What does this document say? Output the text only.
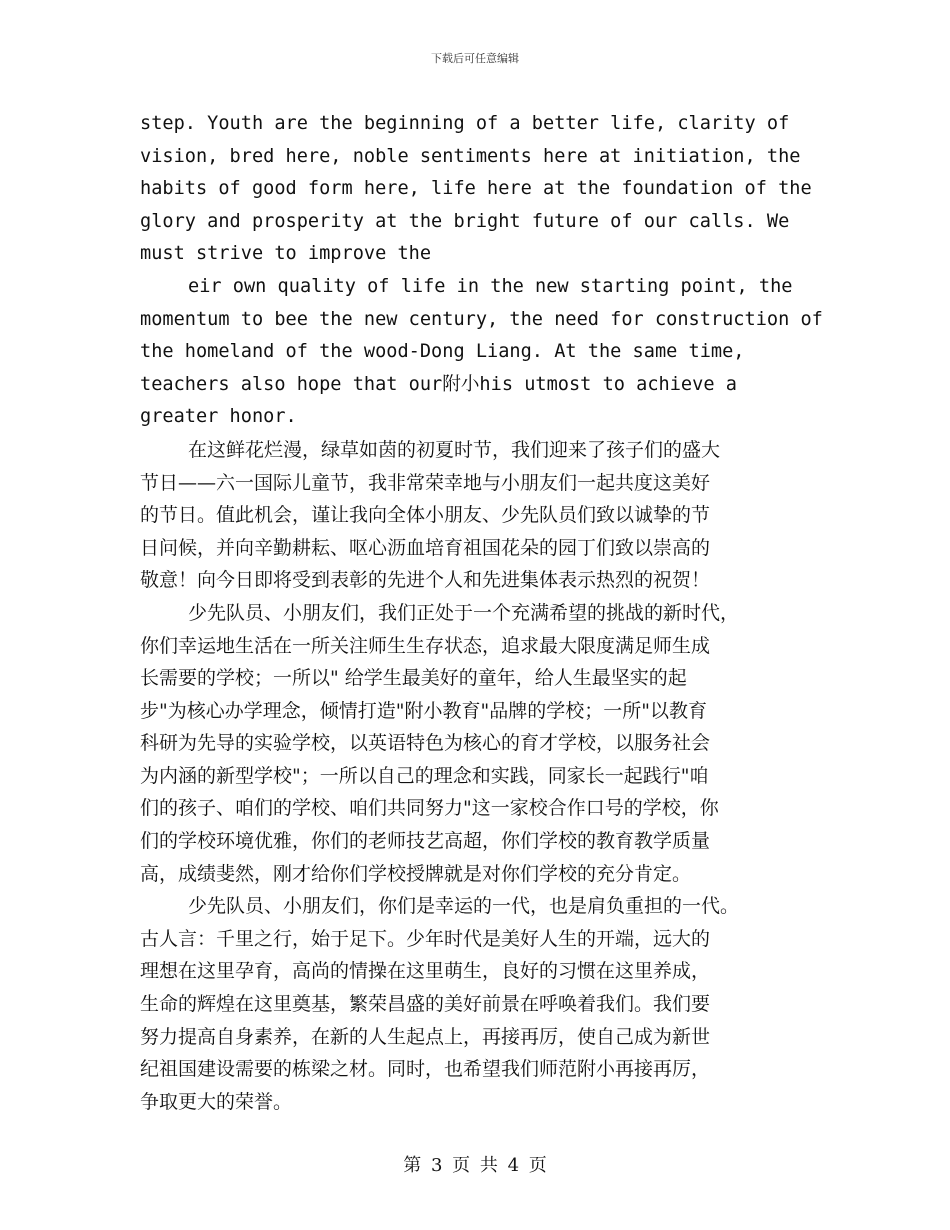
下载后可任意编辑
step. Youth are the beginning of a better life, clarity of
vision, bred here, noble sentiments here at initiation, the
habits of good form here, life here at the foundation of the
glory and prosperity at the bright future of our calls. We
must strive to improve the
eir own quality of life in the new starting point, the
momentum to bee the new century, the need for construction of
the homeland of the wood-Dong Liang. At the same time,
teachers also hope that our附小his utmost to achieve a
greater honor.
在这鲜花烂漫，绿草如茵的初夏时节，我们迎来了孩子们的盛大
节日——六一国际儿童节，我非常荣幸地与小朋友们一起共度这美好
的节日。值此机会，谨让我向全体小朋友、少先队员们致以诚挚的节
日问候，并向辛勤耕耘、呕心沥血培育祖国花朵的园丁们致以崇高的
敬意！向今日即将受到表彰的先进个人和先进集体表示热烈的祝贺！
少先队员、小朋友们，我们正处于一个充满希望的挑战的新时代，
你们幸运地生活在一所关注师生生存状态，追求最大限度满足师生成
长需要的学校；一所以" 给学生最美好的童年，给人生最坚实的起
步"为核心办学理念，倾情打造"附小教育"品牌的学校；一所"以教育
科研为先导的实验学校，以英语特色为核心的育才学校，以服务社会
为内涵的新型学校"；一所以自己的理念和实践，同家长一起践行"咱
们的孩子、咱们的学校、咱们共同努力"这一家校合作口号的学校，你
们的学校环境优雅，你们的老师技艺高超，你们学校的教育教学质量
高，成绩斐然，刚才给你们学校授牌就是对你们学校的充分肯定。
少先队员、小朋友们，你们是幸运的一代，也是肩负重担的一代。
古人言：千里之行，始于足下。少年时代是美好人生的开端，远大的
理想在这里孕育，高尚的情操在这里萌生，良好的习惯在这里养成，
生命的辉煌在这里奠基，繁荣昌盛的美好前景在呼唤着我们。我们要
努力提高自身素养，在新的人生起点上，再接再厉，使自己成为新世
纪祖国建设需要的栋梁之材。同时，也希望我们师范附小再接再厉，
争取更大的荣誉。
第 3 页 共 4 页
